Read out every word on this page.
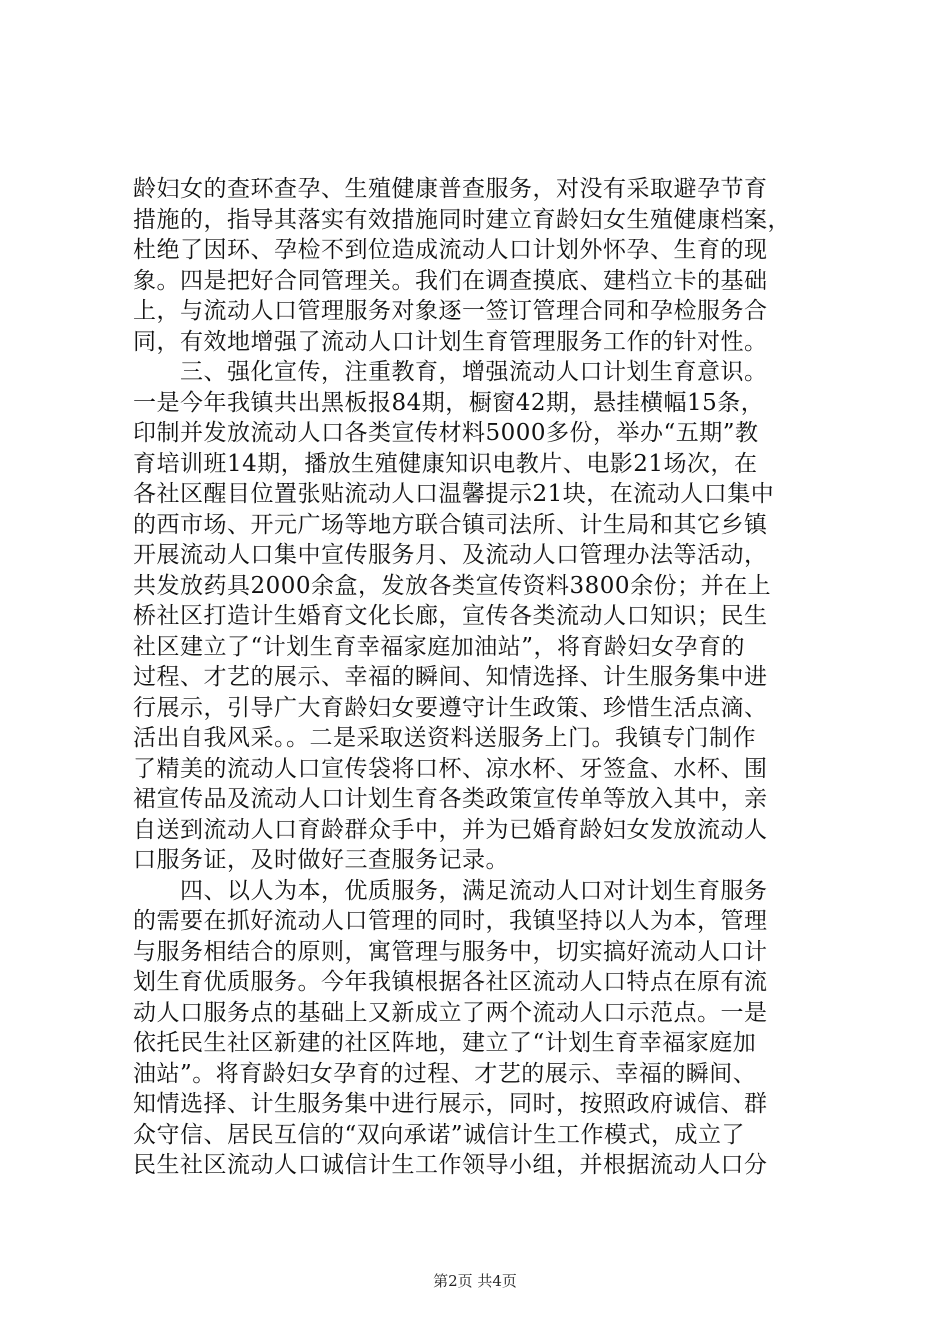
龄妇女的查环查孕、生殖健康普查服务，对没有采取避孕节育
措施的，指导其落实有效措施同时建立育龄妇女生殖健康档案，
杜绝了因环、孕检不到位造成流动人口计划外怀孕、生育的现
象。四是把好合同管理关。我们在调查摸底、建档立卡的基础
上，与流动人口管理服务对象逐一签订管理合同和孕检服务合
同，有效地增强了流动人口计划生育管理服务工作的针对性。
　　三、强化宣传，注重教育，增强流动人口计划生育意识。
一是今年我镇共出黑板报84期，橱窗42期，悬挂横幅15条，
印制并发放流动人口各类宣传材料5000多份，举办“五期”教
育培训班14期，播放生殖健康知识电教片、电影21场次，在
各社区醒目位置张贴流动人口温馨提示21块，在流动人口集中
的西市场、开元广场等地方联合镇司法所、计生局和其它乡镇
开展流动人口集中宣传服务月、及流动人口管理办法等活动，
共发放药具2000余盒，发放各类宣传资料3800余份；并在上
桥社区打造计生婚育文化长廊，宣传各类流动人口知识；民生
社区建立了“计划生育幸福家庭加油站”，将育龄妇女孕育的
过程、才艺的展示、幸福的瞬间、知情选择、计生服务集中进
行展示，引导广大育龄妇女要遵守计生政策、珍惜生活点滴、
活出自我风采。。二是采取送资料送服务上门。我镇专门制作
了精美的流动人口宣传袋将口杯、凉水杯、牙签盒、水杯、围
裙宣传品及流动人口计划生育各类政策宣传单等放入其中，亲
自送到流动人口育龄群众手中，并为已婚育龄妇女发放流动人
口服务证，及时做好三查服务记录。
　　四、以人为本，优质服务，满足流动人口对计划生育服务
的需要在抓好流动人口管理的同时，我镇坚持以人为本，管理
与服务相结合的原则，寓管理与服务中，切实搞好流动人口计
划生育优质服务。今年我镇根据各社区流动人口特点在原有流
动人口服务点的基础上又新成立了两个流动人口示范点。一是
依托民生社区新建的社区阵地，建立了“计划生育幸福家庭加
油站”。将育龄妇女孕育的过程、才艺的展示、幸福的瞬间、
知情选择、计生服务集中进行展示，同时，按照政府诚信、群
众守信、居民互信的“双向承诺”诚信计生工作模式，成立了
民生社区流动人口诚信计生工作领导小组，并根据流动人口分
第2页 共4页
